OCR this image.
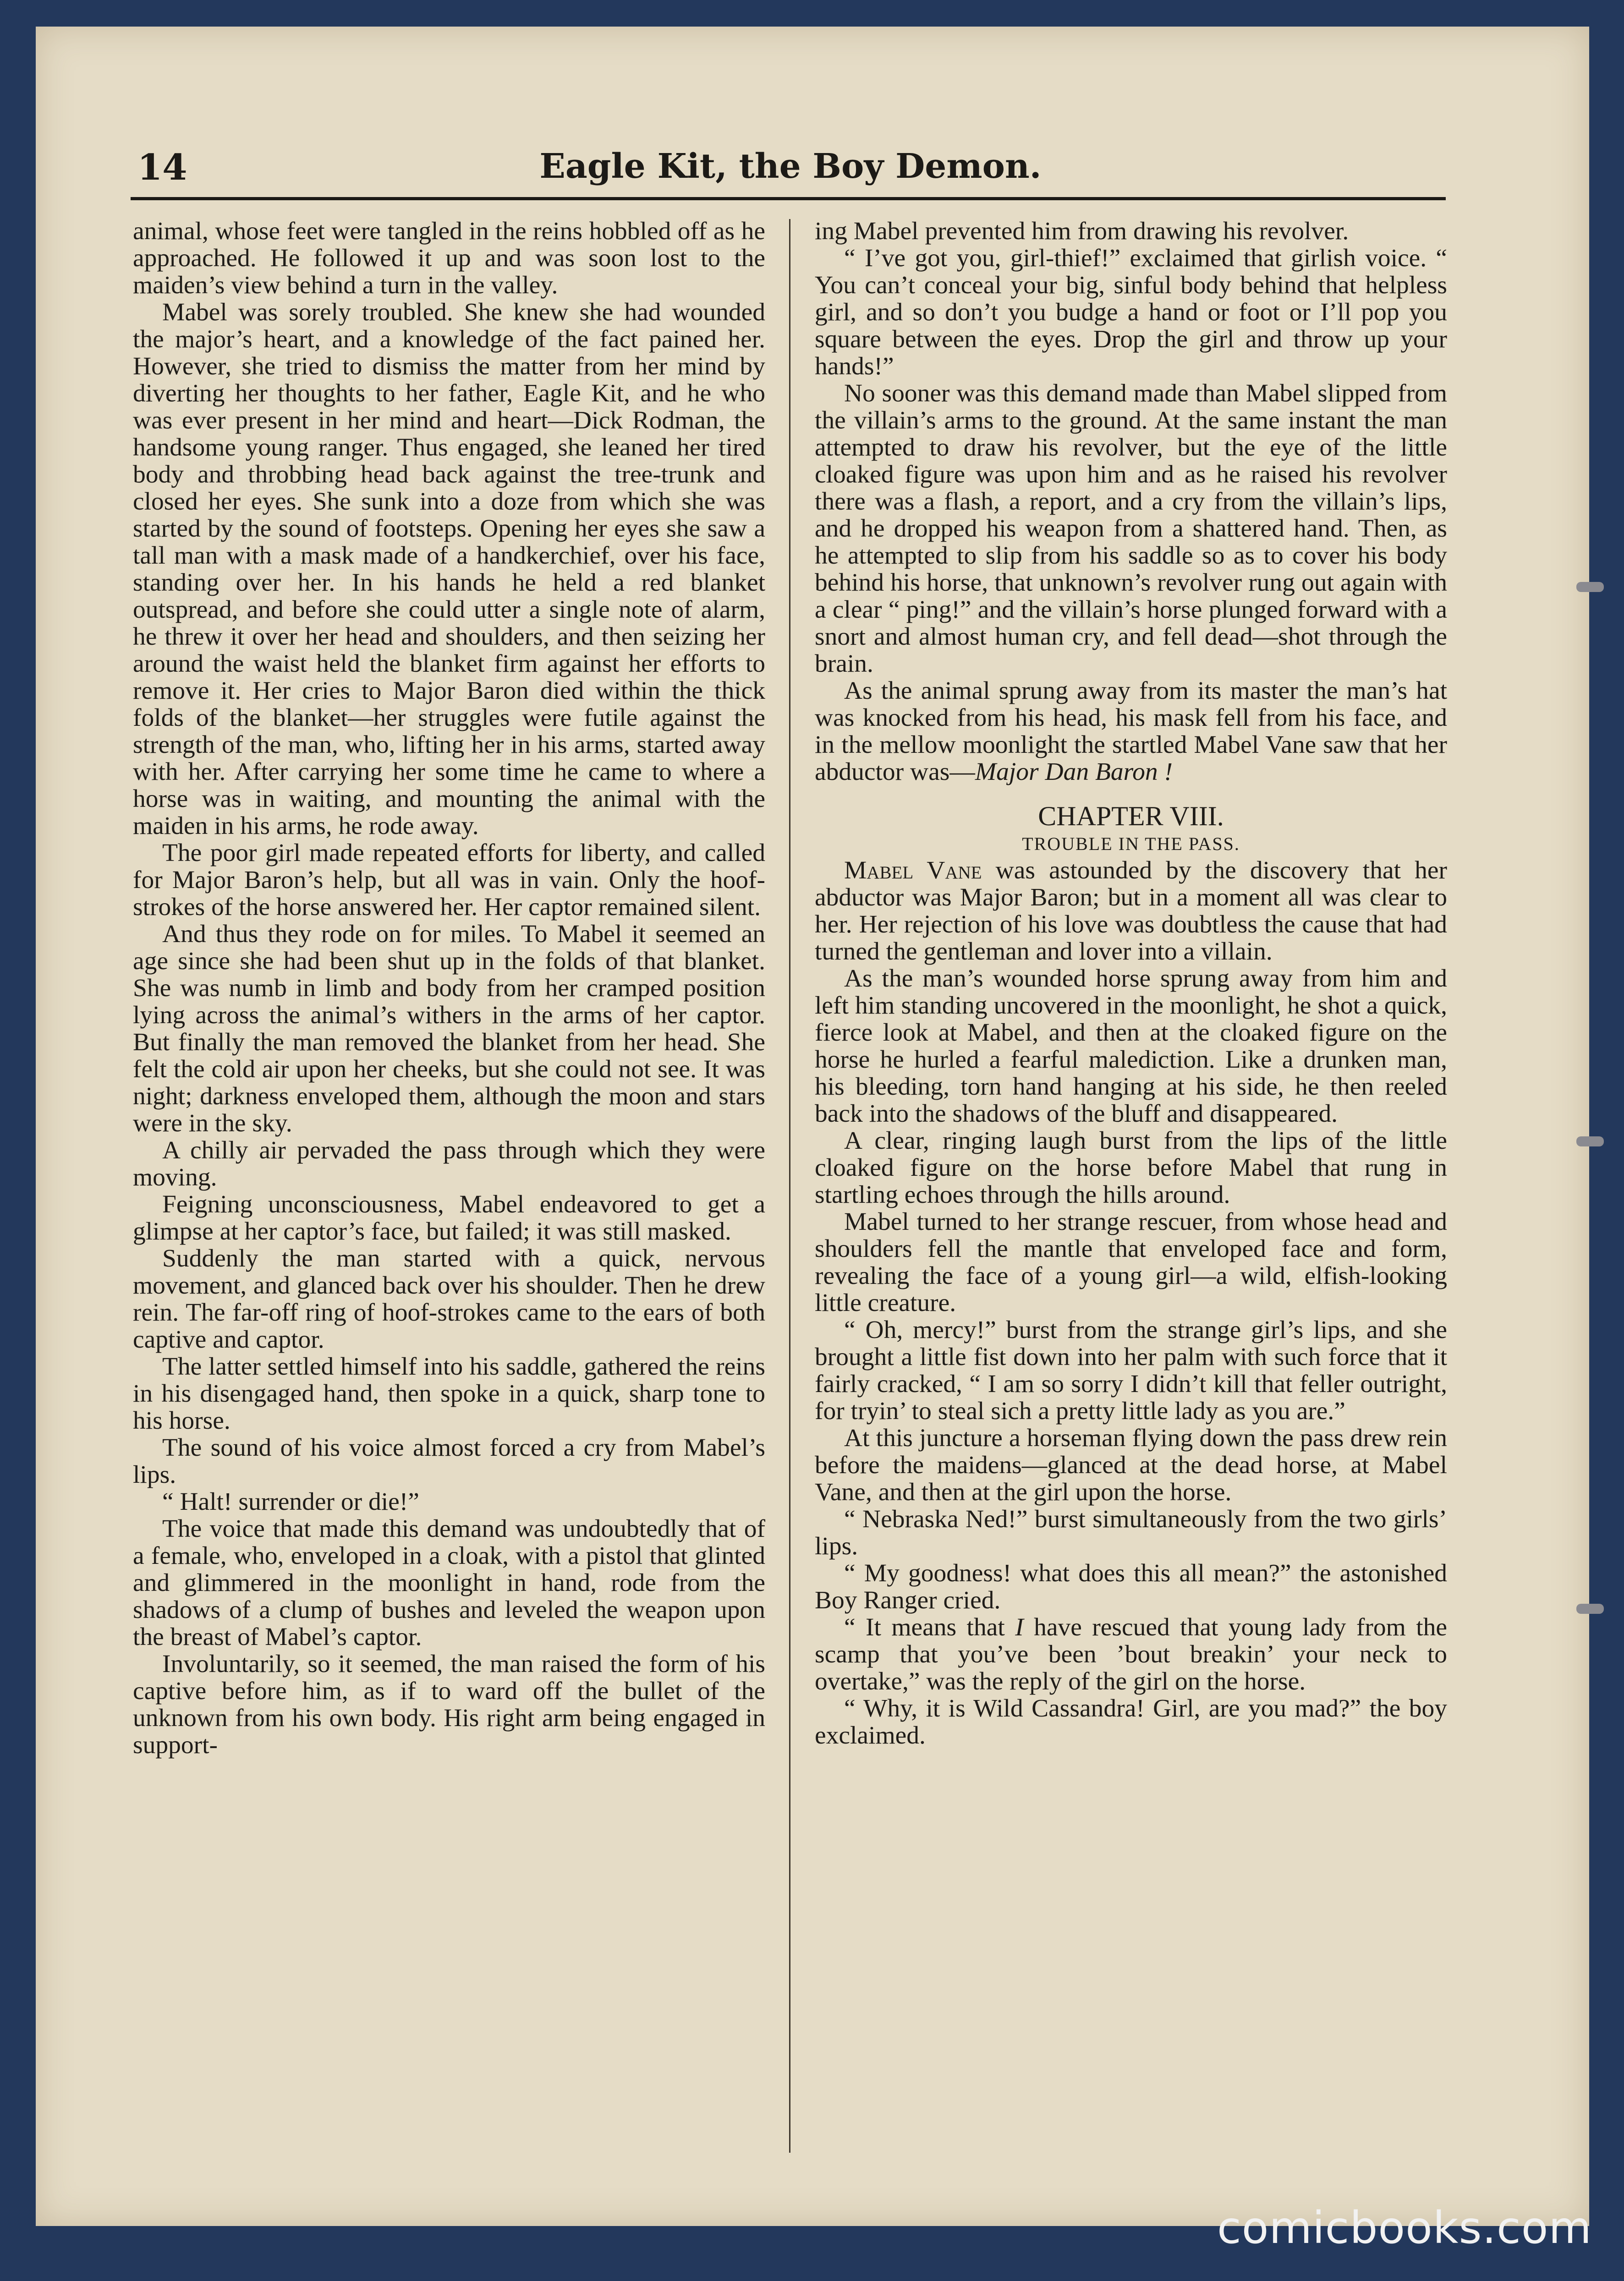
14	Eagle Kit, the Boy Demon.

animal, whose feet were tangled in the reins hobbled off as he approached. He followed it up and was soon lost to the maiden’s view behind a turn in the valley.

Mabel was sorely troubled. She knew she had wounded the major’s heart, and a knowledge of the fact pained her. However, she tried to dismiss the matter from her mind by diverting her thoughts to her father, Eagle Kit, and he who was ever present in her mind and heart—Dick Rodman, the handsome young ranger. Thus engaged, she leaned her tired body and throbbing head back against the tree-trunk and closed her eyes. She sunk into a doze from which she was started by the sound of footsteps. Opening her eyes she saw a tall man with a mask made of a handkerchief, over his face, standing over her. In his hands he held a red blanket outspread, and before she could utter a single note of alarm, he threw it over her head and shoulders, and then seizing her around the waist held the blanket firm against her efforts to remove it. Her cries to Major Baron died within the thick folds of the blanket—her struggles were futile against the strength of the man, who, lifting her in his arms, started away with her. After carrying her some time he came to where a horse was in waiting, and mounting the animal with the maiden in his arms, he rode away.

The poor girl made repeated efforts for liberty, and called for Major Baron’s help, but all was in vain. Only the hoof-strokes of the horse answered her. Her captor remained silent.

And thus they rode on for miles. To Mabel it seemed an age since she had been shut up in the folds of that blanket. She was numb in limb and body from her cramped position lying across the animal’s withers in the arms of her captor. But finally the man removed the blanket from her head. She felt the cold air upon her cheeks, but she could not see. It was night; darkness enveloped them, although the moon and stars were in the sky.

A chilly air pervaded the pass through which they were moving.

Feigning unconsciousness, Mabel endeavored to get a glimpse at her captor’s face, but failed; it was still masked.

Suddenly the man started with a quick, nervous movement, and glanced back over his shoulder. Then he drew rein. The far-off ring of hoof-strokes came to the ears of both captive and captor.

The latter settled himself into his saddle, gathered the reins in his disengaged hand, then spoke in a quick, sharp tone to his horse.

The sound of his voice almost forced a cry from Mabel’s lips.

“ Halt! surrender or die!”

The voice that made this demand was undoubtedly that of a female, who, enveloped in a cloak, with a pistol that glinted and glimmered in the moonlight in hand, rode from the shadows of a clump of bushes and leveled the weapon upon the breast of Mabel’s captor.

Involuntarily, so it seemed, the man raised the form of his captive before him, as if to ward off the bullet of the unknown from his own body. His right arm being engaged in support-

ing Mabel prevented him from drawing his revolver.

“ I’ve got you, girl-thief!” exclaimed that girlish voice. “ You can’t conceal your big, sinful body behind that helpless girl, and so don’t you budge a hand or foot or I’ll pop you square between the eyes. Drop the girl and throw up your hands!”

No sooner was this demand made than Mabel slipped from the villain’s arms to the ground. At the same instant the man attempted to draw his revolver, but the eye of the little cloaked figure was upon him and as he raised his revolver there was a flash, a report, and a cry from the villain’s lips, and he dropped his weapon from a shattered hand. Then, as he attempted to slip from his saddle so as to cover his body behind his horse, that unknown’s revolver rung out again with a clear “ ping!” and the villain’s horse plunged forward with a snort and almost human cry, and fell dead—shot through the brain.

As the animal sprung away from its master the man’s hat was knocked from his head, his mask fell from his face, and in the mellow moonlight the startled Mabel Vane saw that her abductor was—Major Dan Baron !

CHAPTER VIII.
TROUBLE IN THE PASS.

Mabel Vane was astounded by the discovery that her abductor was Major Baron; but in a moment all was clear to her. Her rejection of his love was doubtless the cause that had turned the gentleman and lover into a villain.

As the man’s wounded horse sprung away from him and left him standing uncovered in the moonlight, he shot a quick, fierce look at Mabel, and then at the cloaked figure on the horse he hurled a fearful malediction. Like a drunken man, his bleeding, torn hand hanging at his side, he then reeled back into the shadows of the bluff and disappeared.

A clear, ringing laugh burst from the lips of the little cloaked figure on the horse before Mabel that rung in startling echoes through the hills around.

Mabel turned to her strange rescuer, from whose head and shoulders fell the mantle that enveloped face and form, revealing the face of a young girl—a wild, elfish-looking little creature.

“ Oh, mercy!” burst from the strange girl’s lips, and she brought a little fist down into her palm with such force that it fairly cracked, “ I am so sorry I didn’t kill that feller outright, for tryin’ to steal sich a pretty little lady as you are.”

At this juncture a horseman flying down the pass drew rein before the maidens—glanced at the dead horse, at Mabel Vane, and then at the girl upon the horse.

“ Nebraska Ned!” burst simultaneously from the two girls’ lips.

“ My goodness! what does this all mean?” the astonished Boy Ranger cried.

“ It means that I have rescued that young lady from the scamp that you’ve been ’bout breakin’ your neck to overtake,” was the reply of the girl on the horse.

“ Why, it is Wild Cassandra! Girl, are you mad?” the boy exclaimed.

comicbooks.com
